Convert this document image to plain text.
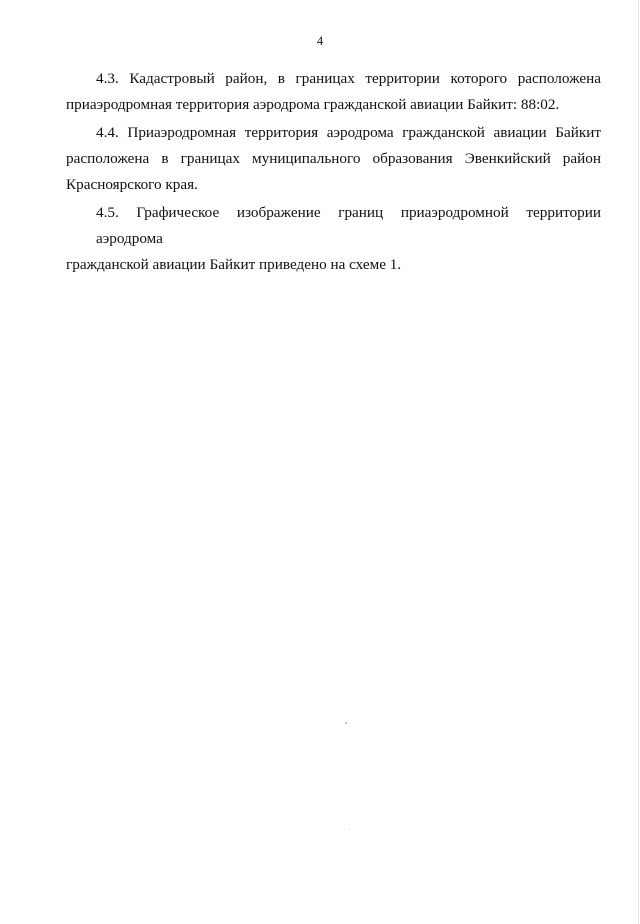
4

4.3. Кадастровый район, в границах территории которого расположена
приаэродромная территория аэродрома гражданской авиации Байкит: 88:02.

4.4. Приаэродромная территория аэродрома гражданской авиации Байкит
расположена в границах муниципального образования Эвенкийский район
Красноярского края.

4.5. Графическое изображение границ приаэродромной территории аэродрома
гражданской авиации Байкит приведено на схеме 1.
